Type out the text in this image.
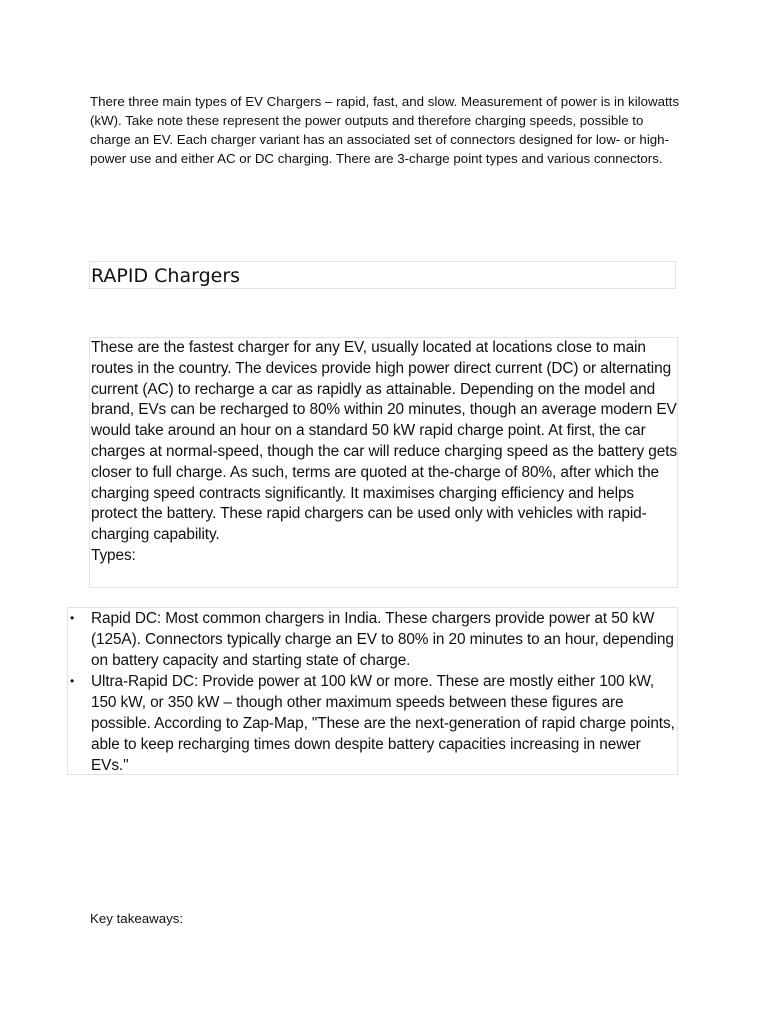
There three main types of EV Chargers – rapid, fast, and slow. Measurement of power is in kilowatts (kW). Take note these represent the power outputs and therefore charging speeds, possible to charge an EV. Each charger variant has an associated set of connectors designed for low- or high-power use and either AC or DC charging. There are 3-charge point types and various connectors.

RAPID Chargers

These are the fastest charger for any EV, usually located at locations close to main routes in the country. The devices provide high power direct current (DC) or alternating current (AC) to recharge a car as rapidly as attainable. Depending on the model and brand, EVs can be recharged to 80% within 20 minutes, though an average modern EV would take around an hour on a standard 50 kW rapid charge point. At first, the car charges at normal-speed, though the car will reduce charging speed as the battery gets closer to full charge. As such, terms are quoted at the-charge of 80%, after which the charging speed contracts significantly. It maximises charging efficiency and helps protect the battery. These rapid chargers can be used only with vehicles with rapid-charging capability.
Types:

• Rapid DC: Most common chargers in India. These chargers provide power at 50 kW (125A). Connectors typically charge an EV to 80% in 20 minutes to an hour, depending on battery capacity and starting state of charge.
• Ultra-Rapid DC: Provide power at 100 kW or more. These are mostly either 100 kW, 150 kW, or 350 kW – though other maximum speeds between these figures are possible. According to Zap-Map, "These are the next-generation of rapid charge points, able to keep recharging times down despite battery capacities increasing in newer EVs."

Key takeaways:
